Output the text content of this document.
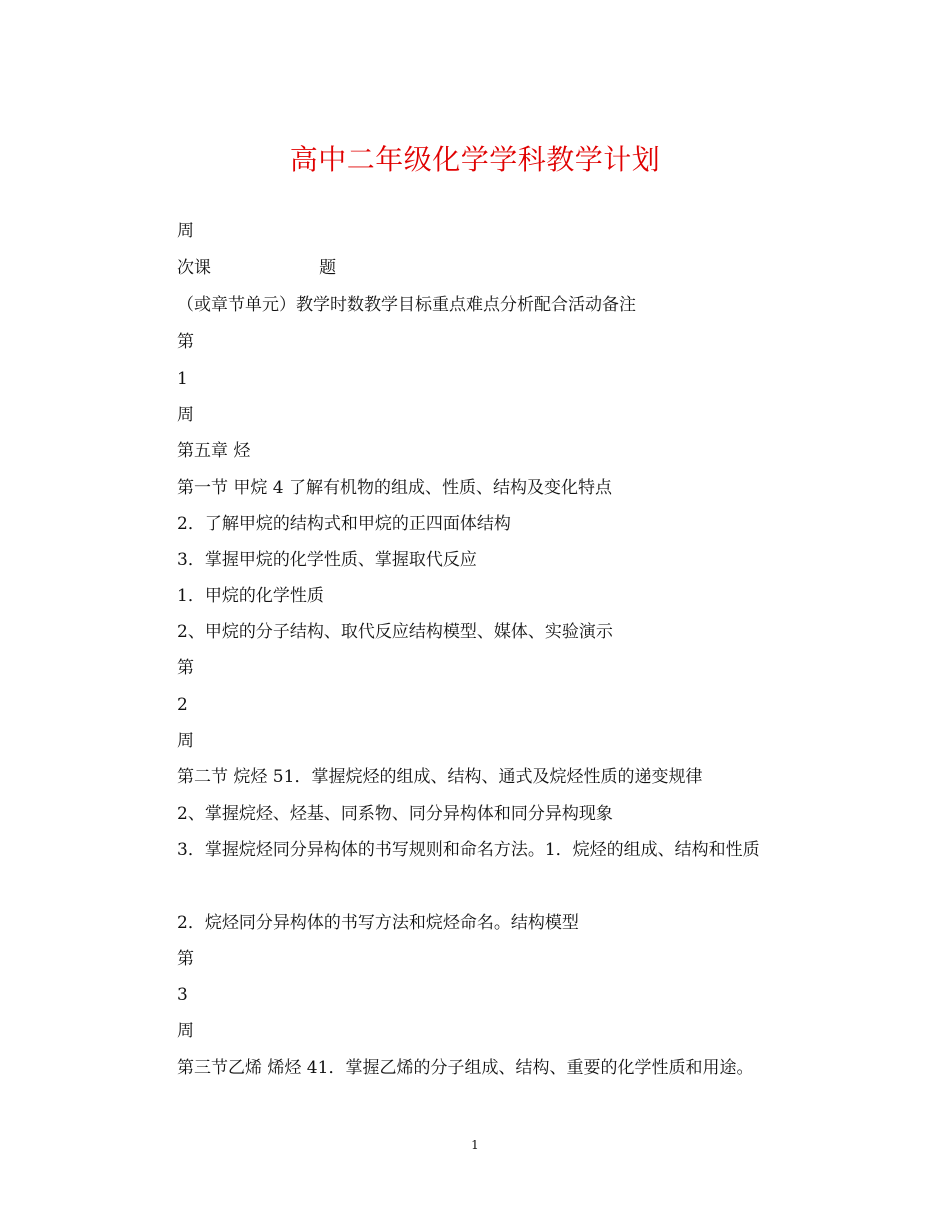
高中二年级化学学科教学计划
周
次课                    题
（或章节单元）教学时数教学目标重点难点分析配合活动备注
第
1
周
第五章 烃
第一节 甲烷 4 了解有机物的组成、性质、结构及变化特点
2．了解甲烷的结构式和甲烷的正四面体结构
3．掌握甲烷的化学性质、掌握取代反应
1．甲烷的化学性质
2、甲烷的分子结构、取代反应结构模型、媒体、实验演示
第
2
周
第二节 烷烃 51．掌握烷烃的组成、结构、通式及烷烃性质的递变规律
2、掌握烷烃、烃基、同系物、同分异构体和同分异构现象
3．掌握烷烃同分异构体的书写规则和命名方法。1．烷烃的组成、结构和性质
2．烷烃同分异构体的书写方法和烷烃命名。结构模型
第
3
周
第三节乙烯 烯烃 41．掌握乙烯的分子组成、结构、重要的化学性质和用途。
1
